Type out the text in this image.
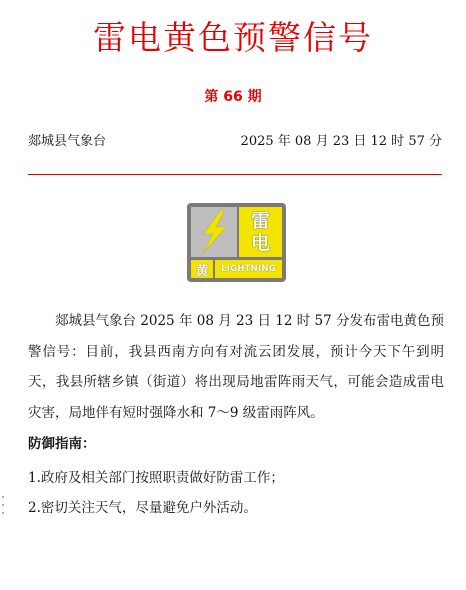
雷电黄色预警信号
第 66 期
郯城县气象台	2025 年 08 月 23 日 12 时 57 分
雷
电
黄	LIGHTNING
郯城县气象台 2025 年 08 月 23 日 12 时 57 分发布雷电黄色预警信号：目前，我县西南方向有对流云团发展，预计今天下午到明天，我县所辖乡镇（街道）将出现局地雷阵雨天气，可能会造成雷电灾害，局地伴有短时强降水和 7～9 级雷雨阵风。
防御指南：
1.政府及相关部门按照职责做好防雷工作；
2.密切关注天气，尽量避免户外活动。
